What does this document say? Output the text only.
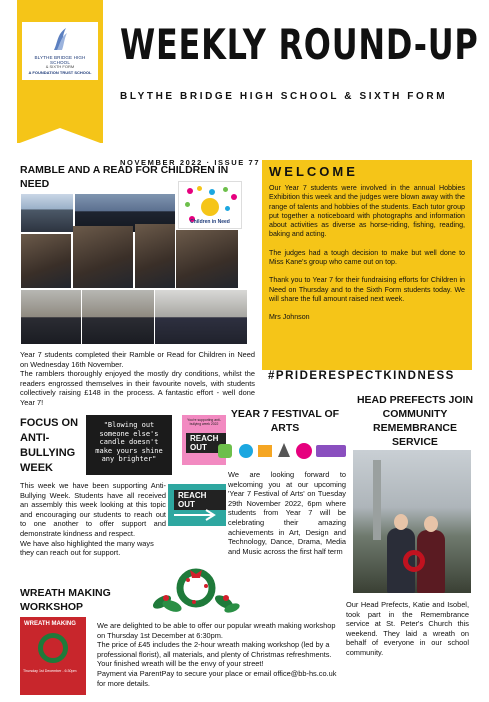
BLYTHE BRIDGE HIGH SCHOOL
& SIXTH FORM
A FOUNDATION TRUST SCHOOL
WEEKLY ROUND-UP
BLYTHE BRIDGE HIGH SCHOOL & SIXTH FORM
NOVEMBER 2022 · ISSUE 77
RAMBLE AND A READ FOR CHILDREN IN NEED
Children in Need

Year 7 students completed their Ramble or Read for Children in Need on Wednesday 16th November.

The ramblers thoroughly enjoyed the mostly dry conditions, whilst the readers engrossed themselves in their favourite novels, with students collectively raising £148 in the process. A fantastic effort - well done Year 7!

WELCOME

Our Year 7 students were involved in the annual Hobbies Exhibition this week and the judges were blown away with the range of talents and hobbies of the students. Each tutor group put together a noticeboard with photographs and information about activities as diverse as horse-riding, fishing, reading, baking and acting.

The judges had a tough decision to make but well done to Miss Kane's group who came out on top.

Thank you to Year 7 for their fundraising efforts for Children in Need on Thursday and to the Sixth Form students today. We will share the full amount raised next week.

Mrs Johnson

#PRIDERESPECTKINDNESS
FOCUS ON ANTI-BULLYING WEEK
"Blowing out someone else's candle doesn't make yours shine any brighter"
You're supporting anti-bullying week 2022
REACH OUT
REACH OUT

This week we have been supporting Anti-Bullying Week. Students have all received an assembly this week looking at this topic and encouraging our students to reach out to one another to offer support and demonstrate kindness and respect.

We have also highlighted the many ways they can reach out for support.

YEAR 7 FESTIVAL OF ARTS
We are looking forward to welcoming you at our upcoming 'Year 7 Festival of Arts' on Tuesday 29th November 2022, 6pm where students from Year 7 will be celebrating their amazing achievements in Art, Design and Technology, Dance, Drama, Media and Music across the first half term
HEAD PREFECTS JOIN COMMUNITY REMEMBRANCE SERVICE
Our Head Prefects, Katie and Isobel, took part in the Remembrance service at St. Peter's Church this weekend. They laid a wreath on behalf of everyone in our school community.
WREATH MAKING WORKSHOP
WREATH MAKING
Thursday 1st December - 6:30pm

We are delighted to be able to offer our popular wreath making workshop on Thursday 1st December at 6:30pm.

The price of £45 includes the 2-hour wreath making workshop (led by a professional florist), all materials, and plenty of Christmas refreshments. Your finished wreath will be the envy of your street!

Payment via ParentPay to secure your place or email office@bb-hs.co.uk for more details.
